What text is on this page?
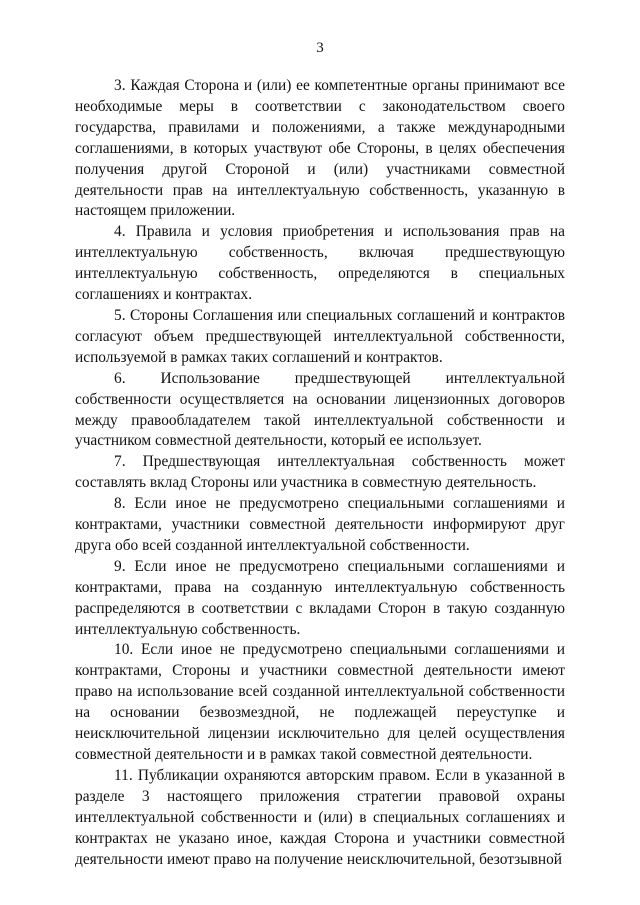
3

3. Каждая Сторона и (или) ее компетентные органы принимают все необходимые меры в соответствии с законодательством своего государства, правилами и положениями, а также международными соглашениями, в которых участвуют обе Стороны, в целях обеспечения получения другой Стороной и (или) участниками совместной деятельности прав на интеллектуальную собственность, указанную в настоящем приложении.

4. Правила и условия приобретения и использования прав на интеллектуальную собственность, включая предшествующую интеллектуальную собственность, определяются в специальных соглашениях и контрактах.

5. Стороны Соглашения или специальных соглашений и контрактов согласуют объем предшествующей интеллектуальной собственности, используемой в рамках таких соглашений и контрактов.

6. Использование предшествующей интеллектуальной собственности осуществляется на основании лицензионных договоров между правообладателем такой интеллектуальной собственности и участником совместной деятельности, который ее использует.

7. Предшествующая интеллектуальная собственность может составлять вклад Стороны или участника в совместную деятельность.

8. Если иное не предусмотрено специальными соглашениями и контрактами, участники совместной деятельности информируют друг друга обо всей созданной интеллектуальной собственности.

9. Если иное не предусмотрено специальными соглашениями и контрактами, права на созданную интеллектуальную собственность распределяются в соответствии с вкладами Сторон в такую созданную интеллектуальную собственность.

10. Если иное не предусмотрено специальными соглашениями и контрактами, Стороны и участники совместной деятельности имеют право на использование всей созданной интеллектуальной собственности на основании безвозмездной, не подлежащей переуступке и неисключительной лицензии исключительно для целей осуществления совместной деятельности и в рамках такой совместной деятельности.

11. Публикации охраняются авторским правом. Если в указанной в разделе 3 настоящего приложения стратегии правовой охраны интеллектуальной собственности и (или) в специальных соглашениях и контрактах не указано иное, каждая Сторона и участники совместной деятельности имеют право на получение неисключительной, безотзывной
